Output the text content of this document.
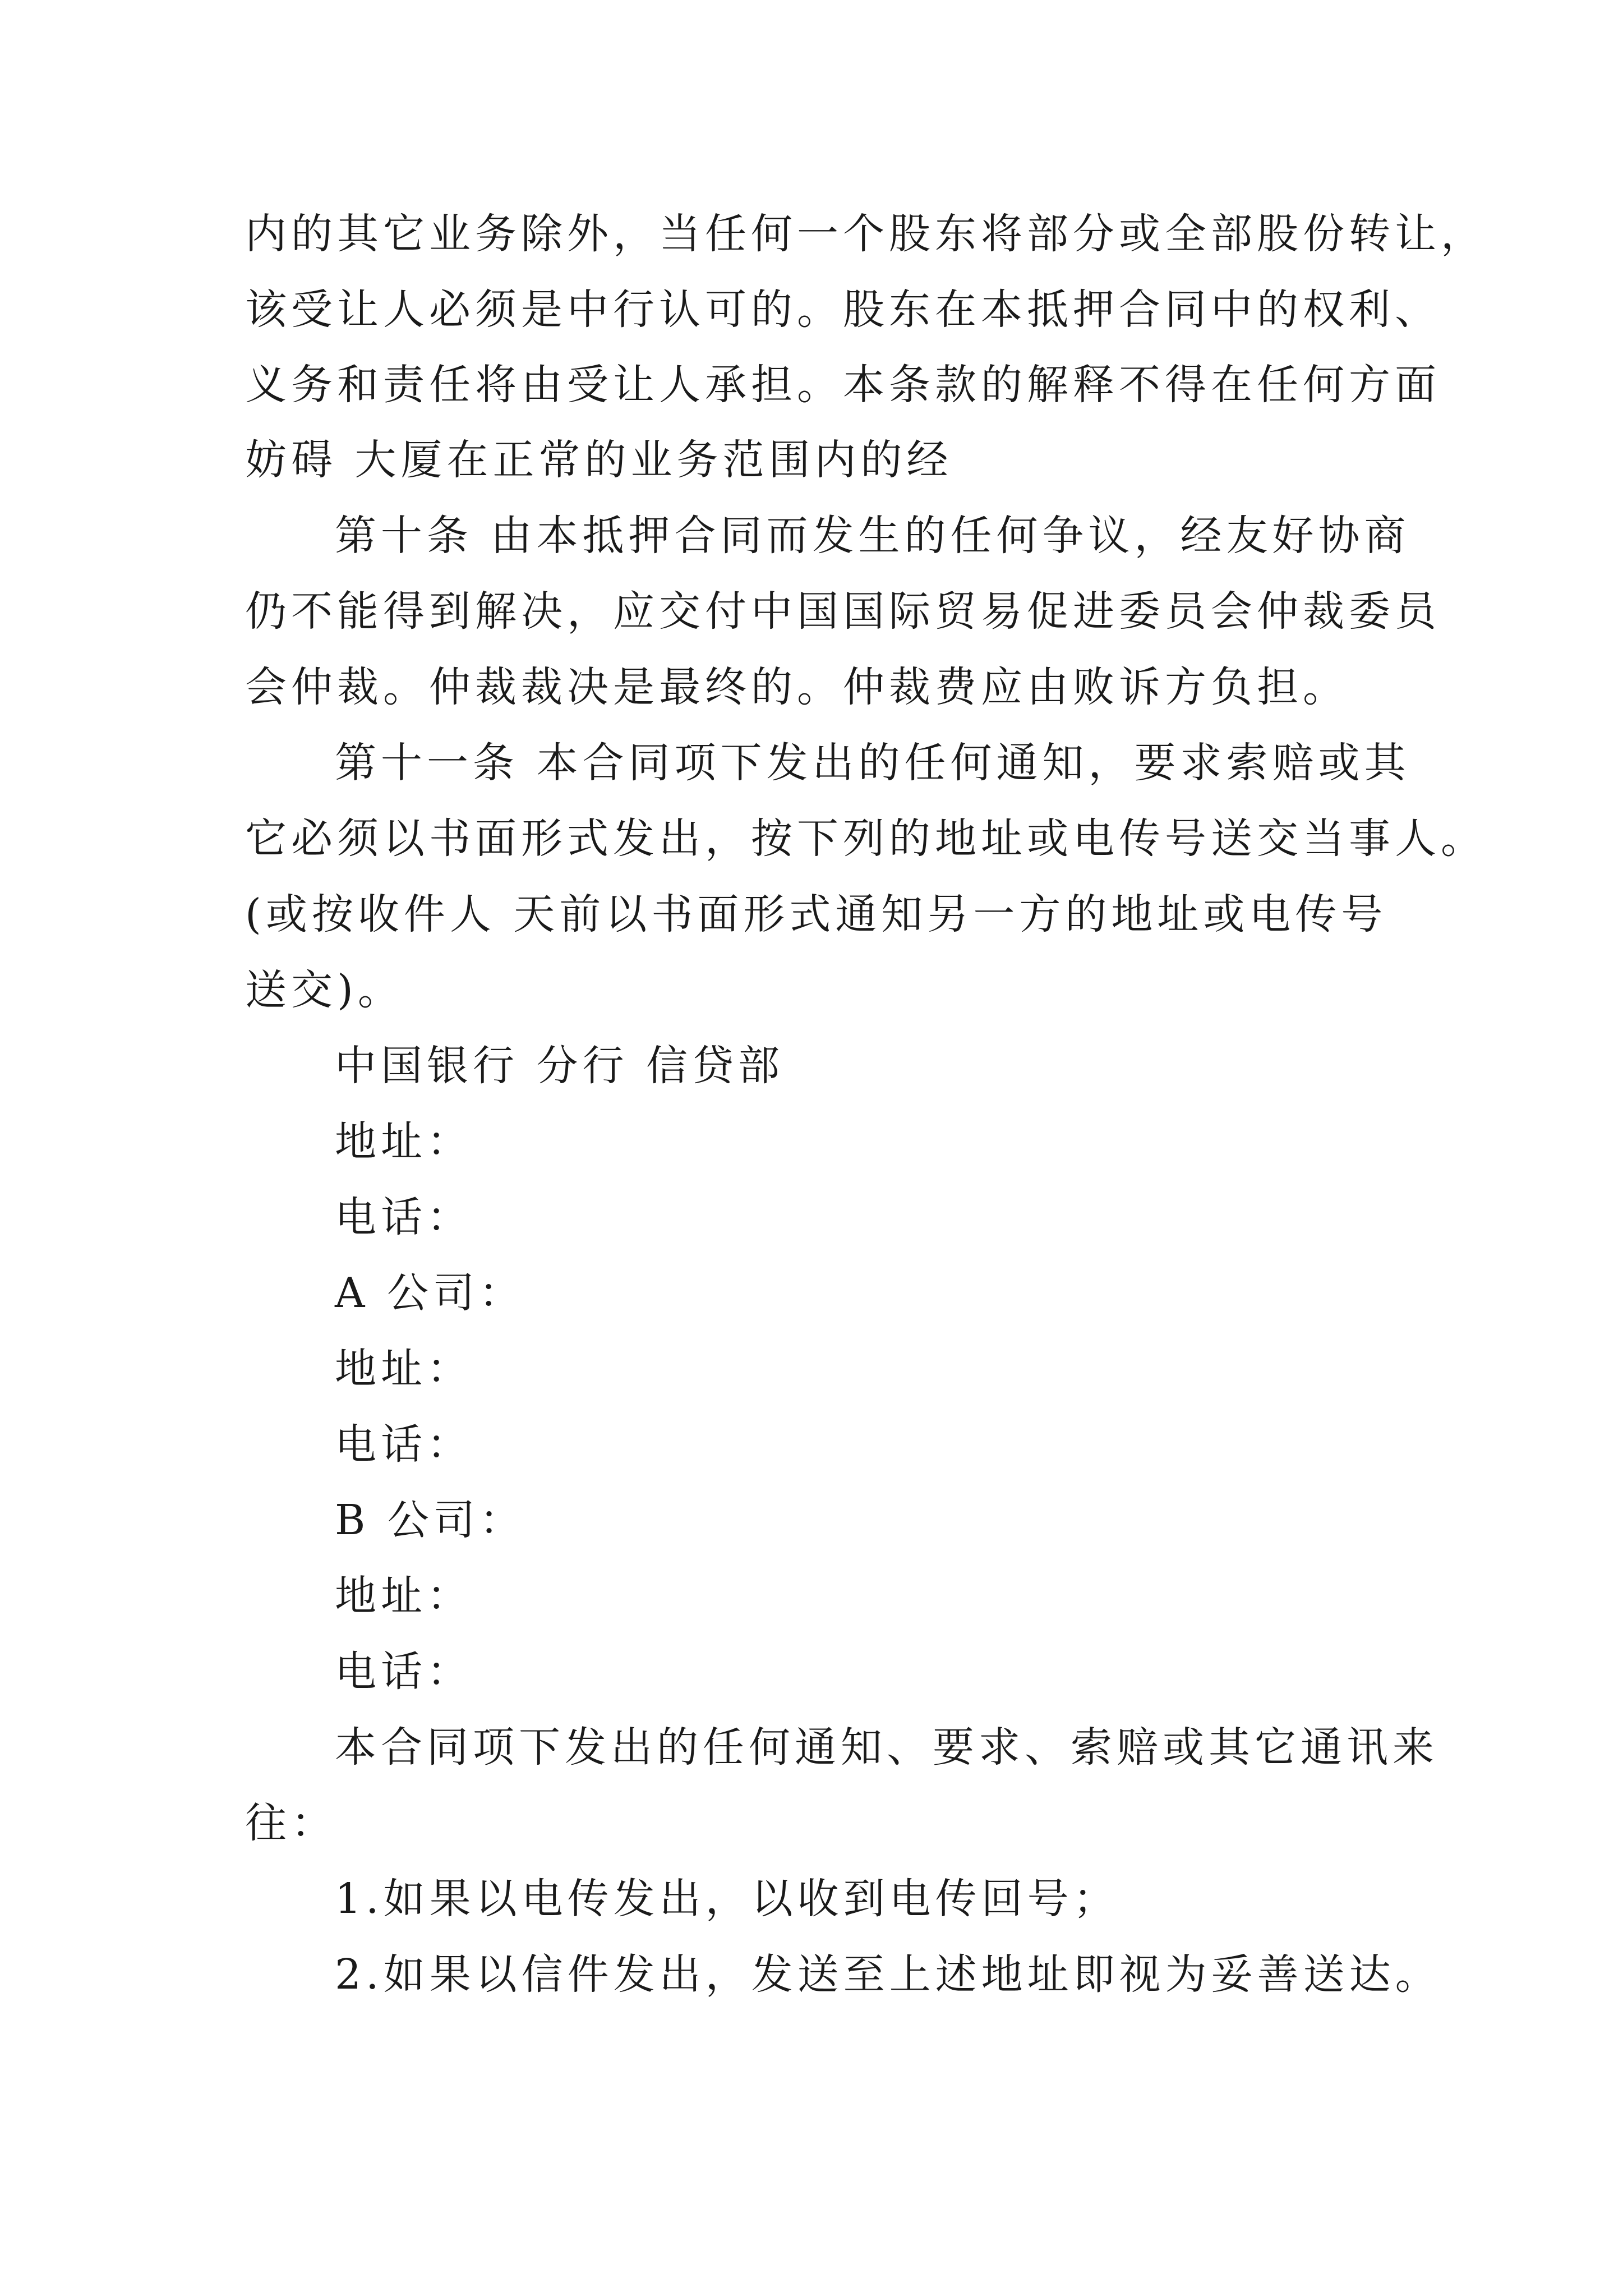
内的其它业务除外，当任何一个股东将部分或全部股份转让，
该受让人必须是中行认可的。股东在本抵押合同中的权利、
义务和责任将由受让人承担。本条款的解释不得在任何方面
妨碍 大厦在正常的业务范围内的经
第十条 由本抵押合同而发生的任何争议，经友好协商
仍不能得到解决，应交付中国国际贸易促进委员会仲裁委员
会仲裁。仲裁裁决是最终的。仲裁费应由败诉方负担。
第十一条 本合同项下发出的任何通知，要求索赔或其
它必须以书面形式发出，按下列的地址或电传号送交当事人。
(或按收件人 天前以书面形式通知另一方的地址或电传号
送交)。
中国银行 分行 信贷部
地址：
电话：
A 公司：
地址：
电话：
B 公司：
地址：
电话：
本合同项下发出的任何通知、要求、索赔或其它通讯来
往：
1.如果以电传发出，以收到电传回号；
2.如果以信件发出，发送至上述地址即视为妥善送达。
